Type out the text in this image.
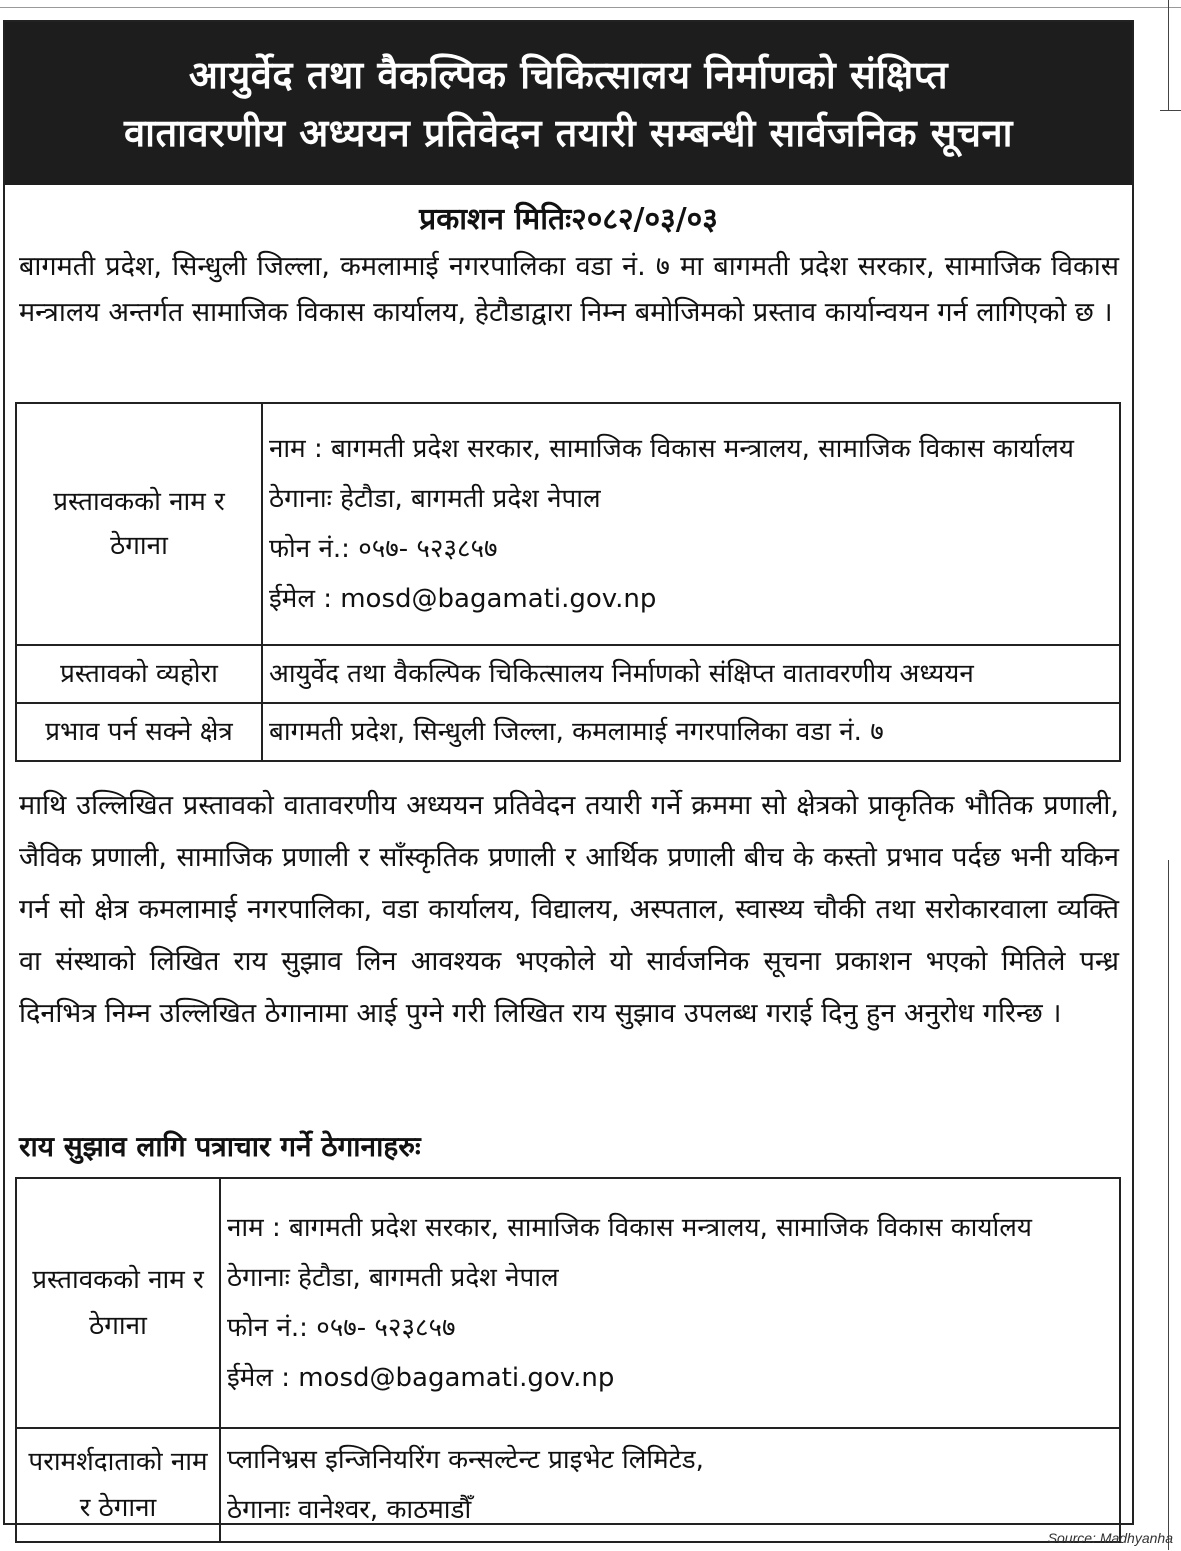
आयुर्वेद तथा वैकल्पिक चिकित्सालय निर्माणको संक्षिप्त
वातावरणीय अध्ययन प्रतिवेदन तयारी सम्बन्धी सार्वजनिक सूचना
प्रकाशन मितिः२०८२/०३/०३
बागमती प्रदेश, सिन्धुली जिल्ला, कमलामाई नगरपालिका वडा नं. ७ मा बागमती प्रदेश सरकार, सामाजिक विकास मन्त्रालय अन्तर्गत सामाजिक विकास कार्यालय, हेटौडाद्वारा निम्न बमोजिमको प्रस्ताव कार्यान्वयन गर्न लागिएको छ ।
प्रस्तावकको नाम र ठेगाना	नाम : बागमती प्रदेश सरकार, सामाजिक विकास मन्त्रालय, सामाजिक विकास कार्यालय
ठेगानाः हेटौडा, बागमती प्रदेश नेपाल
फोन नं.: ०५७- ५२३८५७
ईमेल : mosd@bagamati.gov.np

प्रस्तावको व्यहोरा	आयुर्वेद तथा वैकल्पिक चिकित्सालय निर्माणको संक्षिप्त वातावरणीय अध्ययन
प्रभाव पर्न सक्ने क्षेत्र	बागमती प्रदेश, सिन्धुली जिल्ला, कमलामाई नगरपालिका वडा नं. ७
माथि उल्लिखित प्रस्तावको वातावरणीय अध्ययन प्रतिवेदन तयारी गर्ने क्रममा सो क्षेत्रको प्राकृतिक भौतिक प्रणाली, जैविक प्रणाली, सामाजिक प्रणाली र साँस्कृतिक प्रणाली र आर्थिक प्रणाली बीच के कस्तो प्रभाव पर्दछ भनी यकिन गर्न सो क्षेत्र कमलामाई नगरपालिका, वडा कार्यालय, विद्यालय, अस्पताल, स्वास्थ्य चौकी तथा सरोकारवाला व्यक्ति वा संस्थाको लिखित राय सुझाव लिन आवश्यक भएकोले यो सार्वजनिक सूचना प्रकाशन भएको मितिले पन्ध्र दिनभित्र निम्न उल्लिखित ठेगानामा आई पुग्ने गरी लिखित राय सुझाव उपलब्ध गराई दिनु हुन अनुरोध गरिन्छ ।
राय सुझाव लागि पत्राचार गर्ने ठेगानाहरुः
प्रस्तावकको नाम र ठेगाना	नाम : बागमती प्रदेश सरकार, सामाजिक विकास मन्त्रालय, सामाजिक विकास कार्यालय
ठेगानाः हेटौडा, बागमती प्रदेश नेपाल
फोन नं.: ०५७- ५२३८५७
ईमेल : mosd@bagamati.gov.np

परामर्शदाताको नाम र ठेगाना	प्लानिभ्रस इन्जिनियरिंग कन्सल्टेन्ट प्राइभेट लिमिटेड,
ठेगानाः वानेश्वर, काठमाडौँ
Source: Madhyanha
